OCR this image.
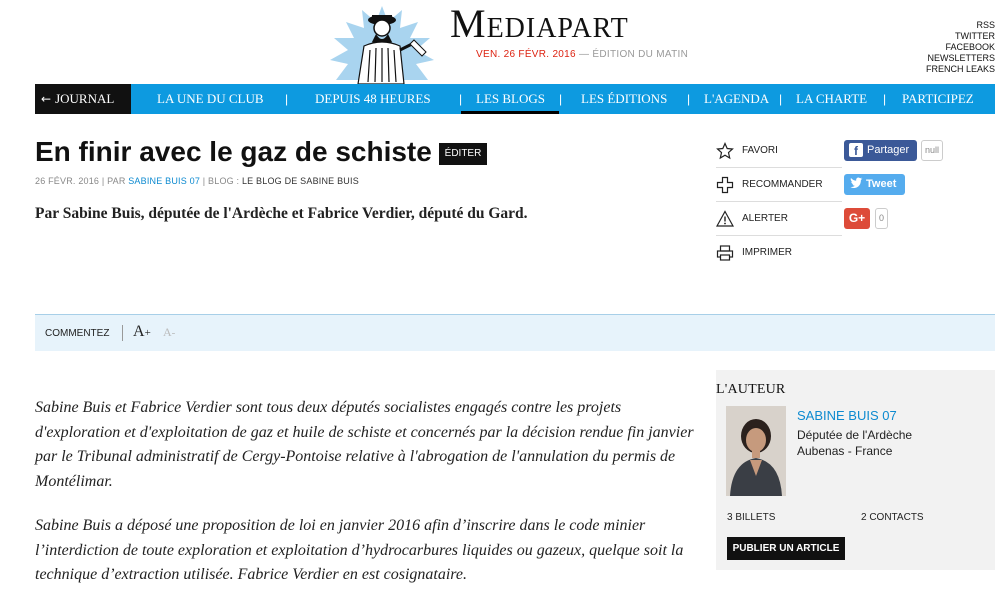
Mediapart
VEN. 26 FÉVR. 2016 — ÉDITION DU MATIN
RSS
TWITTER
FACEBOOK
NEWSLETTERS
FRENCH LEAKS
← JOURNAL	LA UNE DU CLUB | DEPUIS 48 HEURES | LES BLOGS | LES ÉDITIONS | L'AGENDA | LA CHARTE | PARTICIPEZ
En finir avec le gaz de schiste	ÉDITER
26 FÉVR. 2016 | PAR SABINE BUIS 07 | BLOG : LE BLOG DE SABINE BUIS
Par Sabine Buis, députée de l'Ardèche et Fabrice Verdier, député du Gard.
FAVORI
RECOMMANDER
ALERTER
IMPRIMER
f Partager	null
Tweet
G+	0
COMMENTEZ A+ A-

Sabine Buis et Fabrice Verdier sont tous deux députés socialistes engagés contre les projets d'exploration et d'exploitation de gaz et huile de schiste et concernés par la décision rendue fin janvier par le Tribunal administratif de Cergy-Pontoise relative à l'abrogation de l'annulation du permis de Montélimar.

Sabine Buis a déposé une proposition de loi en janvier 2016 afin d’inscrire dans le code minier l’interdiction de toute exploration et exploitation d’hydrocarbures liquides ou gazeux, quelque soit la technique d’extraction utilisée. Fabrice Verdier en est cosignataire.

L'AUTEUR
SABINE BUIS 07
Députée de l'Ardèche
Aubenas - France
3 BILLETS	2 CONTACTS
PUBLIER UN ARTICLE
